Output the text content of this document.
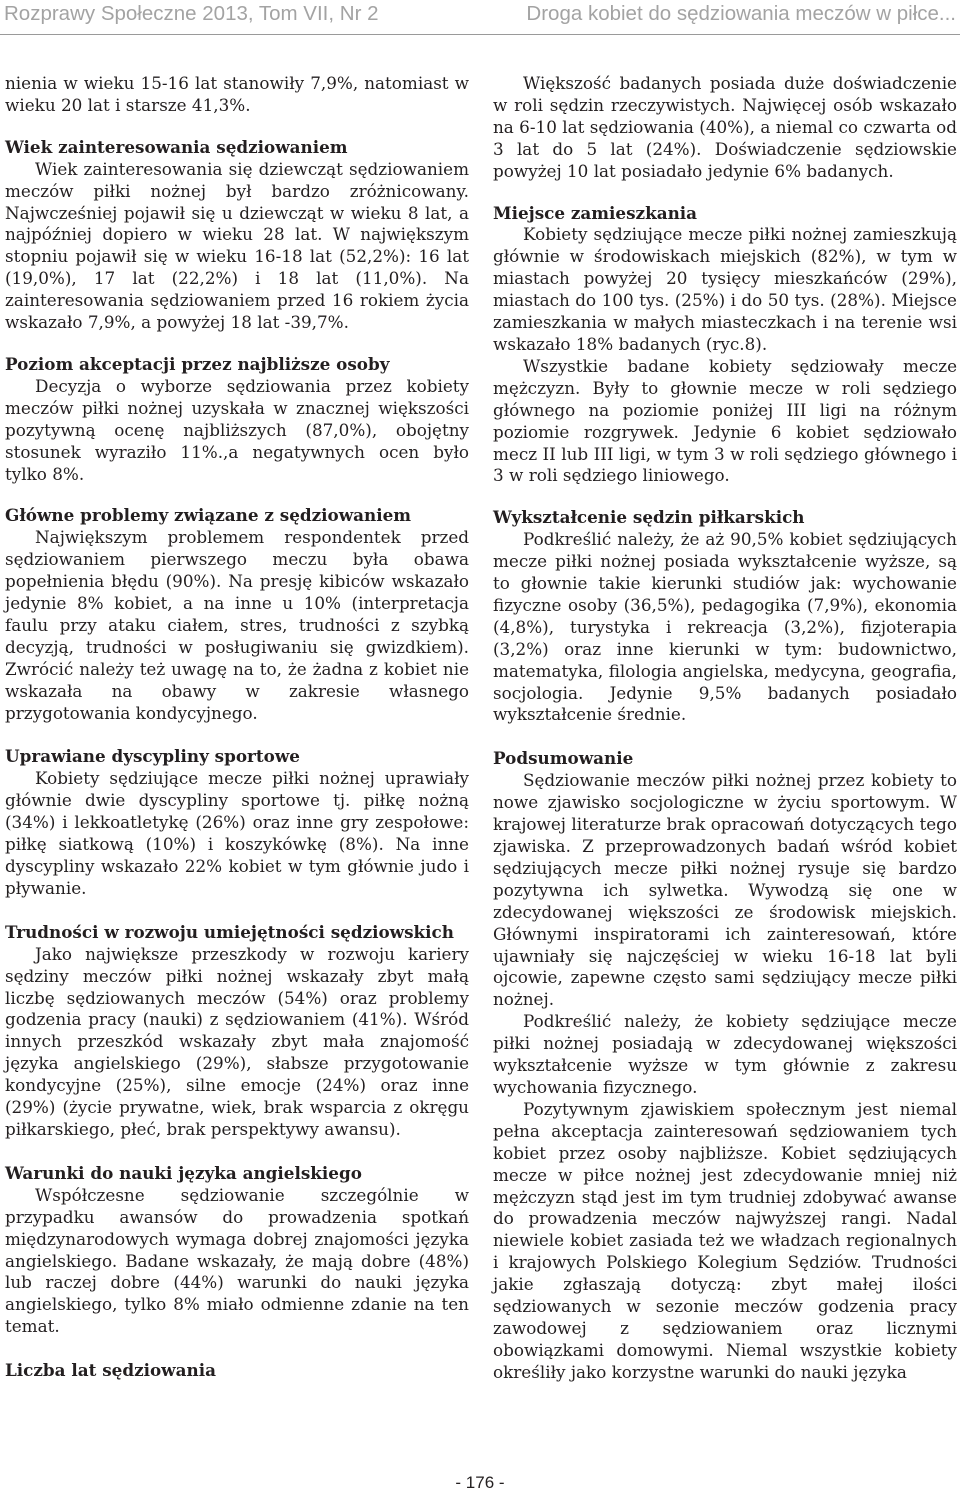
Rozprawy Społeczne 2013, Tom VII, Nr 2	Droga kobiet do sędziowania meczów w piłce...

nienia w wieku 15-16 lat stanowiły 7,9%, natomiast w wieku 20 lat i starsze 41,3%.

Wiek zainteresowania sędziowaniem

Wiek zainteresowania się dziewcząt sędziowaniem meczów piłki nożnej był bardzo zróżnicowany. Najwcześniej pojawił się u dziewcząt w wieku 8 lat, a najpóźniej dopiero w wieku 28 lat. W największym stopniu pojawił się w wieku 16-18 lat (52,2%): 16 lat (19,0%), 17 lat (22,2%) i 18 lat (11,0%). Na zainteresowania sędziowaniem przed 16 rokiem życia wskazało 7,9%, a powyżej 18 lat -39,7%.

Poziom akceptacji przez najbliższe osoby

Decyzja o wyborze sędziowania przez kobiety meczów piłki nożnej uzyskała w znacznej większości pozytywną ocenę najbliższych (87,0%), obojętny stosunek wyraziło 11%.,a negatywnych ocen było tylko 8%.

Główne problemy związane z sędziowaniem

Największym problemem respondentek przed sędziowaniem pierwszego meczu była obawa popełnienia błędu (90%). Na presję kibiców wskazało jedynie 8% kobiet, a na inne u 10% (interpretacja faulu przy ataku ciałem, stres, trudności z szybką decyzją, trudności w posługiwaniu się gwizdkiem). Zwrócić należy też uwagę na to, że żadna z kobiet nie wskazała na obawy w zakresie własnego przygotowania kondycyjnego.

Uprawiane dyscypliny sportowe

Kobiety sędziujące mecze piłki nożnej uprawiały głównie dwie dyscypliny sportowe tj. piłkę nożną (34%) i lekkoatletykę (26%) oraz inne gry zespołowe: piłkę siatkową (10%) i koszykówkę (8%). Na inne dyscypliny wskazało 22% kobiet w tym głównie judo i pływanie.

Trudności w rozwoju umiejętności sędziowskich

Jako największe przeszkody w rozwoju kariery sędziny meczów piłki nożnej wskazały zbyt małą liczbę sędziowanych meczów (54%) oraz problemy godzenia pracy (nauki) z sędziowaniem (41%). Wśród innych przeszkód wskazały zbyt mała znajomość języka angielskiego (29%), słabsze przygotowanie kondycyjne (25%), silne emocje (24%) oraz inne (29%) (życie prywatne, wiek, brak wsparcia z okręgu piłkarskiego, płeć, brak perspektywy awansu).

Warunki do nauki języka angielskiego

Współczesne sędziowanie szczególnie w przypadku awansów do prowadzenia spotkań międzynarodowych wymaga dobrej znajomości języka angielskiego. Badane wskazały, że mają dobre (48%) lub raczej dobre (44%) warunki do nauki języka angielskiego, tylko 8% miało odmienne zdanie na ten temat.

Liczba lat sędziowania

Większość badanych posiada duże doświadczenie w roli sędzin rzeczywistych. Najwięcej osób wskazało na 6-10 lat sędziowania (40%), a niemal co czwarta od 3 lat do 5 lat (24%). Doświadczenie sędziowskie powyżej 10 lat posiadało jedynie 6% badanych.

Miejsce zamieszkania

Kobiety sędziujące mecze piłki nożnej zamieszkują głównie w środowiskach miejskich (82%), w tym w miastach powyżej 20 tysięcy mieszkańców (29%), miastach do 100 tys. (25%) i do 50 tys. (28%). Miejsce zamieszkania w małych miasteczkach i na terenie wsi wskazało 18% badanych (ryc.8).

Wszystkie badane kobiety sędziowały mecze mężczyzn. Były to głownie mecze w roli sędziego głównego na poziomie poniżej III ligi na różnym poziomie rozgrywek. Jedynie 6 kobiet sędziowało mecz II lub III ligi, w tym 3 w roli sędziego głównego i 3 w roli sędziego liniowego.

Wykształcenie sędzin piłkarskich

Podkreślić należy, że aż 90,5% kobiet sędziujących mecze piłki nożnej posiada wykształcenie wyższe, są to głownie takie kierunki studiów jak: wychowanie fizyczne osoby (36,5%), pedagogika (7,9%), ekonomia (4,8%), turystyka i rekreacja (3,2%), fizjoterapia (3,2%) oraz inne kierunki w tym: budownictwo, matematyka, filologia angielska, medycyna, geografia, socjologia. Jedynie 9,5% badanych posiadało wykształcenie średnie.

Podsumowanie

Sędziowanie meczów piłki nożnej przez kobiety to nowe zjawisko socjologiczne w życiu sportowym. W krajowej literaturze brak opracowań dotyczących tego zjawiska. Z przeprowadzonych badań wśród kobiet sędziujących mecze piłki nożnej rysuje się bardzo pozytywna ich sylwetka. Wywodzą się one w zdecydowanej większości ze środowisk miejskich. Głównymi inspiratorami ich zainteresowań, które ujawniały się najczęściej w wieku 16-18 lat byli ojcowie, zapewne często sami sędziujący mecze piłki nożnej.

Podkreślić należy, że kobiety sędziujące mecze piłki nożnej posiadają w zdecydowanej większości wykształcenie wyższe w tym głównie z zakresu wychowania fizycznego.

Pozytywnym zjawiskiem społecznym jest niemal pełna akceptacja zainteresowań sędziowaniem tych kobiet przez osoby najbliższe. Kobiet sędziujących mecze w piłce nożnej jest zdecydowanie mniej niż mężczyzn stąd jest im tym trudniej zdobywać awanse do prowadzenia meczów najwyższej rangi. Nadal niewiele kobiet zasiada też we władzach regionalnych i krajowych Polskiego Kolegium Sędziów. Trudności jakie zgłaszają dotyczą: zbyt małej ilości sędziowanych w sezonie meczów godzenia pracy zawodowej z sędziowaniem oraz licznymi obowiązkami domowymi. Niemal wszystkie kobiety określiły jako korzystne warunki do nauki języka

- 176 -
